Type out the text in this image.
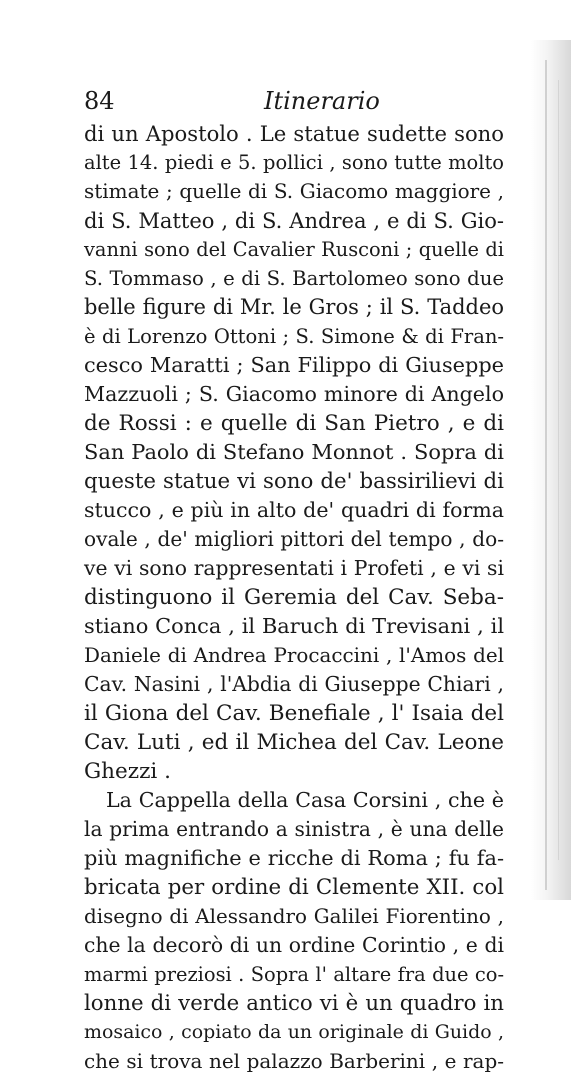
84	Itinerario
di un Apostolo . Le statue sudette sono
alte 14. piedi e 5. pollici , sono tutte molto
stimate ; quelle di S. Giacomo maggiore ,
di S. Matteo , di S. Andrea , e di S. Gio-
vanni sono del Cavalier Rusconi ; quelle di
S. Tommaso , e di S. Bartolomeo sono due
belle figure di Mr. le Gros ; il S. Taddeo
è di Lorenzo Ottoni ; S. Simone & di Fran-
cesco Maratti ; San Filippo di Giuseppe
Mazzuoli ; S. Giacomo minore di Angelo
de Rossi : e quelle di San Pietro , e di
San Paolo di Stefano Monnot . Sopra di
queste statue vi sono de' bassirilievi di
stucco , e più in alto de' quadri di forma
ovale , de' migliori pittori del tempo , do-
ve vi sono rappresentati i Profeti , e vi si
distinguono il Geremia del Cav. Seba-
stiano Conca , il Baruch di Trevisani , il
Daniele di Andrea Procaccini , l'Amos del
Cav. Nasini , l'Abdia di Giuseppe Chiari ,
il Giona del Cav. Benefiale , l' Isaia del
Cav. Luti , ed il Michea del Cav. Leone
Ghezzi .
La Cappella della Casa Corsini , che è
la prima entrando a sinistra , è una delle
più magnifiche e ricche di Roma ; fu fa-
bricata per ordine di Clemente XII. col
disegno di Alessandro Galilei Fiorentino ,
che la decorò di un ordine Corintio , e di
marmi preziosi . Sopra l' altare fra due co-
lonne di verde antico vi è un quadro in
mosaico , copiato da un originale di Guido ,
che si trova nel palazzo Barberini , e rap-
